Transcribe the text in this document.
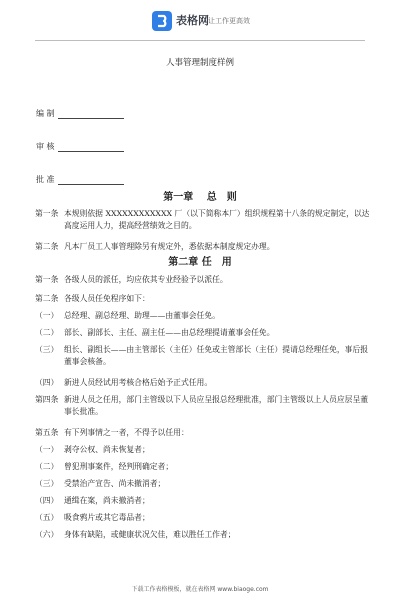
表格网 让工作更高效
人事管理制度样例
编 制
审 核
批 准
第一章　 总　则
第一条 本规则依据 XXXXXXXXXXXX 厂（以下简称本厂）组织规程第十八条的规定制定，以达高度运用人力，提高经营绩效之目的。
第二条 凡本厂员工人事管理除另有规定外，悉依据本制度规定办理。
第二章 任　用
第一条 各级人员的派任，均应依其专业经验予以派任。
第二条 各级人员任免程序如下：
（一） 总经理、副总经理、助理——由董事会任免。
（二） 部长、副部长、主任、副主任——由总经理提请董事会任免。
（三） 组长、副组长——由主管部长（主任）任免或主管部长（主任）提请总经理任免，事后报董事会核备。
（四） 新进人员经试用考核合格后始予正式任用。
第四条 新进人员之任用，部门主管级以下人员应呈报总经理批准，部门主管级以上人员应层呈董事长批准。
第五条 有下列事情之一者，不得予以任用：
（一） 剥夺公权、尚未恢复者；
（二） 曾犯刑事案件，经判刑确定者；
（三） 受禁治产宣告、尚未撤消者；
（四） 通缉在案，尚未撤消者；
（五） 吸食鸦片或其它毒品者；
（六） 身体有缺陷，或健康状况欠佳，难以胜任工作者；
下载工作表格模板，就在表格网 www.biaoge.com
